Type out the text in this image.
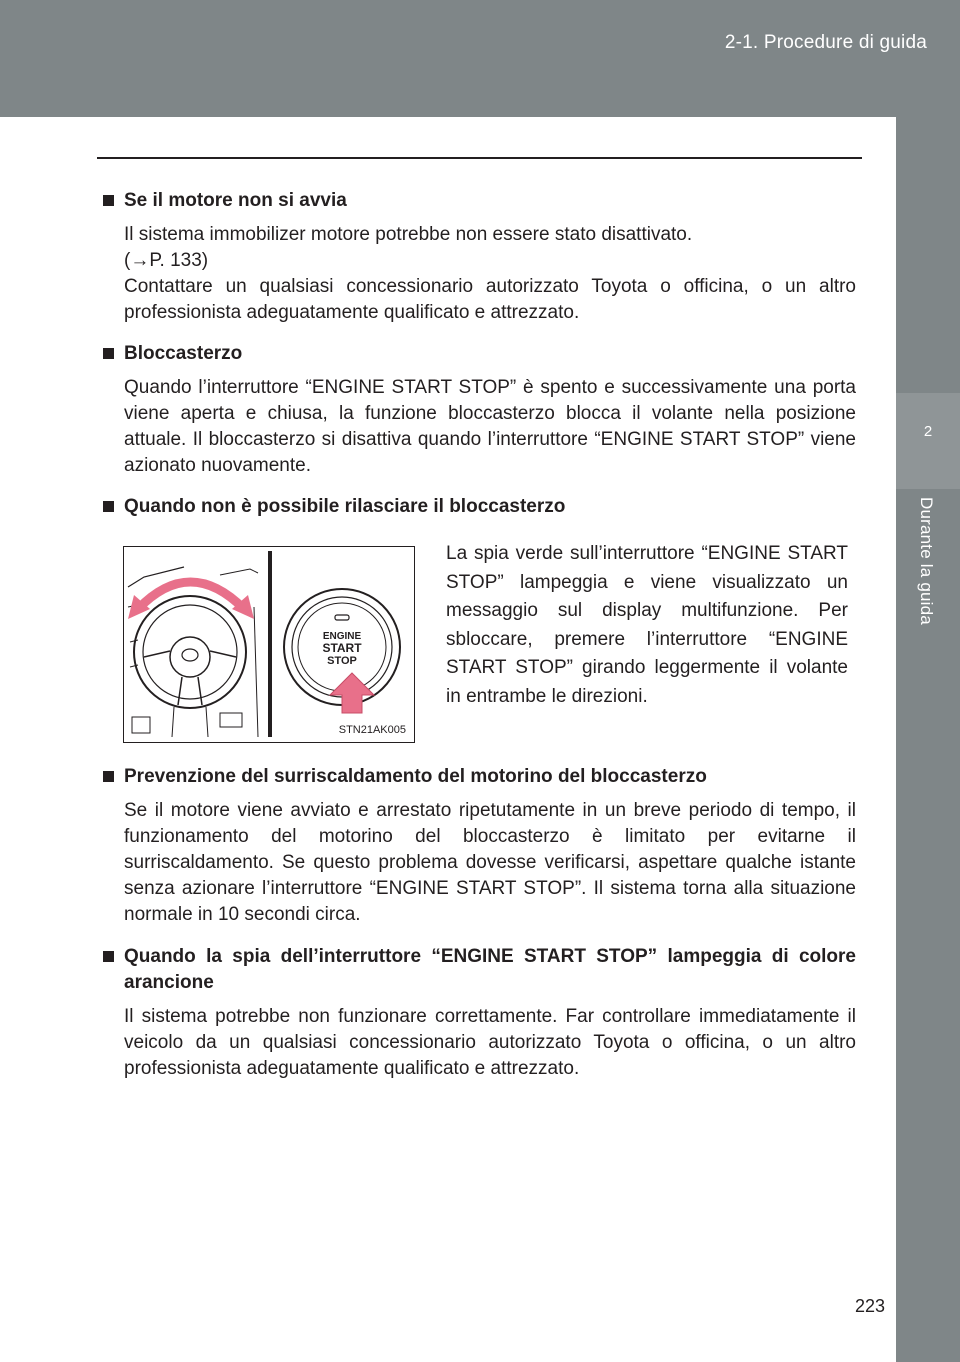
2-1. Procedure di guida
2
Durante la guida
Se il motore non si avvia
Il sistema immobilizer motore potrebbe non essere stato disattivato.
(→P. 133)
Contattare un qualsiasi concessionario autorizzato Toyota o officina, o un altro professionista adeguatamente qualificato e attrezzato.
Bloccasterzo
Quando l’interruttore “ENGINE START STOP” è spento e successivamente una porta viene aperta e chiusa, la funzione bloccasterzo blocca il volante nella posizione attuale. Il bloccasterzo si disattiva quando l’interruttore “ENGINE START STOP” viene azionato nuovamente.
Quando non è possibile rilasciare il bloccasterzo
ENGINE
START
STOP
STN21AK005
La spia verde sull’interruttore “ENGINE START STOP” lampeggia e viene visualizzato un messaggio sul display multifunzione. Per sbloccare, premere l’interruttore “ENGINE START STOP” girando leggermente il volante in entrambe le direzioni.
Prevenzione del surriscaldamento del motorino del bloccasterzo
Se il motore viene avviato e arrestato ripetutamente in un breve periodo di tempo, il funzionamento del motorino del bloccasterzo è limitato per evitarne il surriscaldamento. Se questo problema dovesse verificarsi, aspettare qualche istante senza azionare l’interruttore “ENGINE START STOP”. Il sistema torna alla situazione normale in 10 secondi circa.
Quando la spia dell’interruttore “ENGINE START STOP” lampeggia di colore arancione
Il sistema potrebbe non funzionare correttamente. Far controllare immediatamente il veicolo da un qualsiasi concessionario autorizzato Toyota o officina, o un altro professionista adeguatamente qualificato e attrezzato.
223
